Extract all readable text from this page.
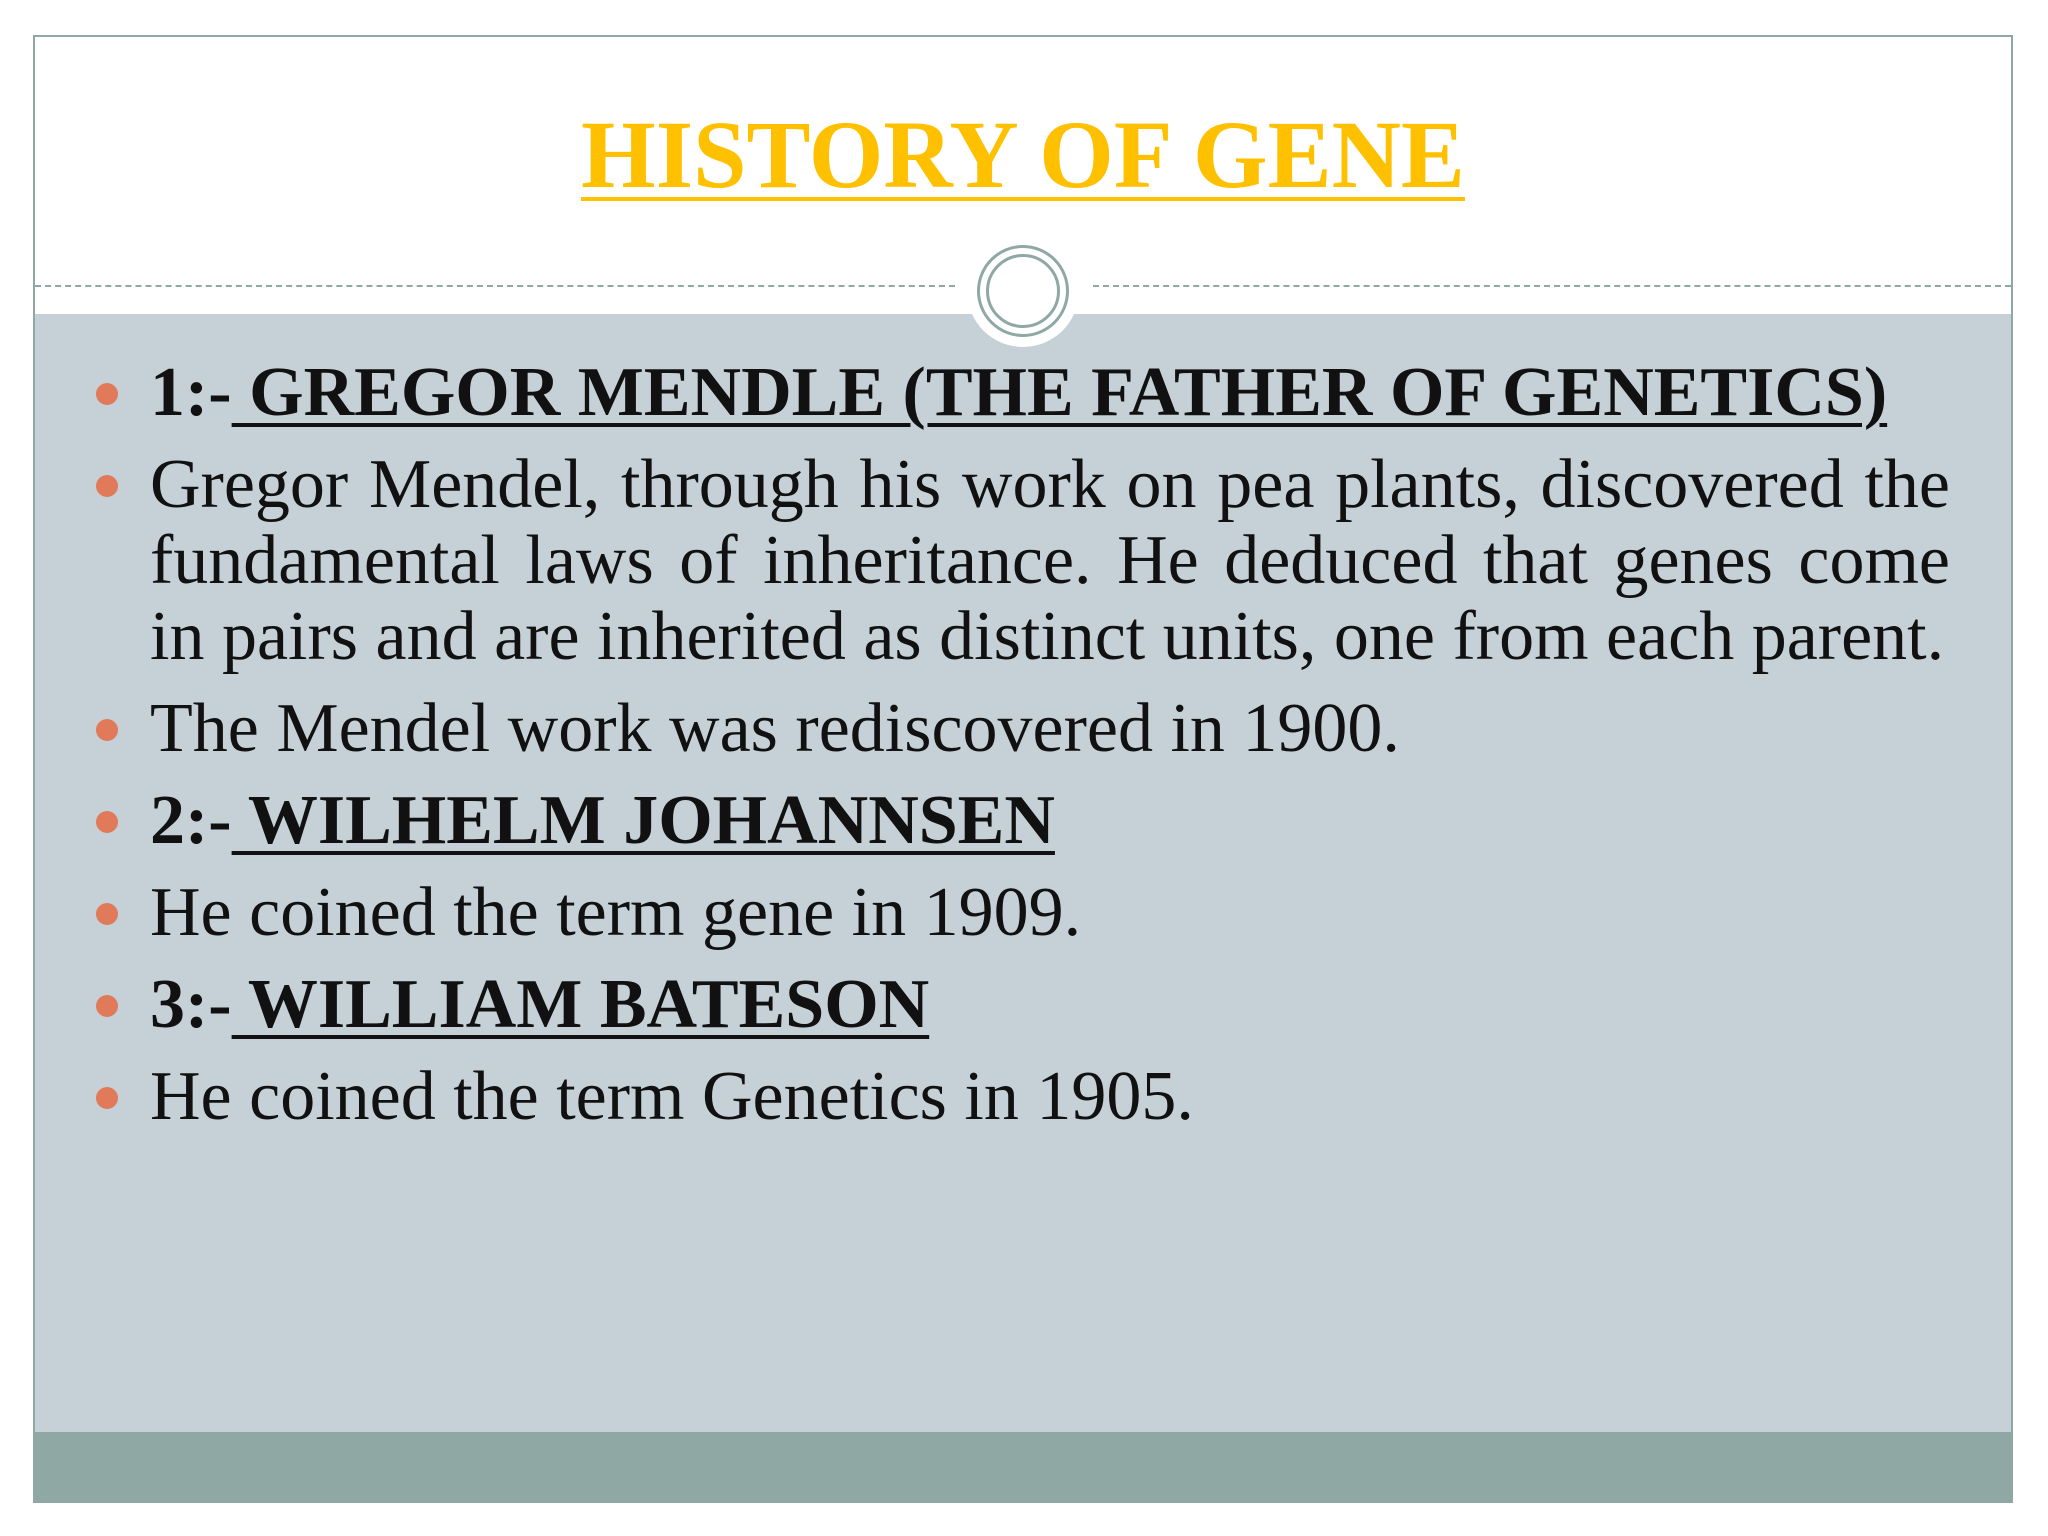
HISTORY OF GENE
1:- GREGOR MENDLE (THE FATHER OF GENETICS)
Gregor Mendel, through his work on pea plants, discovered the fundamental laws of inheritance. He deduced that genes come in pairs and are inherited as distinct units, one from each parent.
The Mendel work was rediscovered in 1900.
2:- WILHELM JOHANNSEN
He coined the term gene in 1909.
3:- WILLIAM BATESON
He coined the term Genetics in 1905.
